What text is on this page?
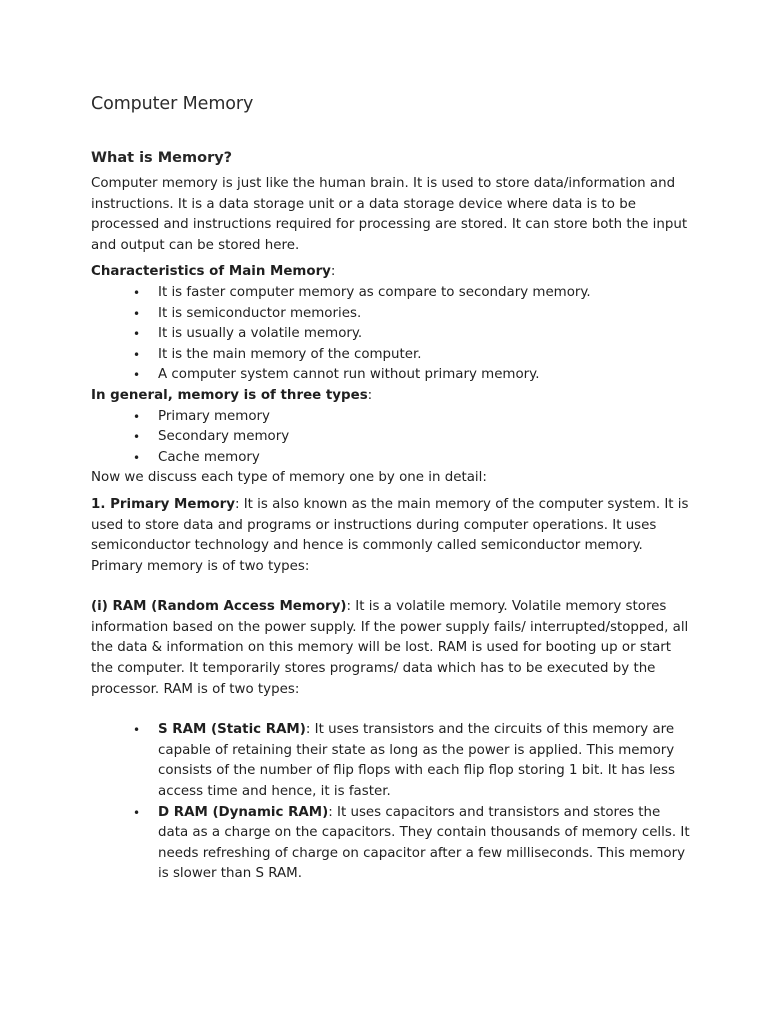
Computer Memory
What is Memory?

Computer memory is just like the human brain. It is used to store data/information and instructions. It is a data storage unit or a data storage device where data is to be processed and instructions required for processing are stored. It can store both the input and output can be stored here.

Characteristics of Main Memory:

• It is faster computer memory as compare to secondary memory.
• It is semiconductor memories.
• It is usually a volatile memory.
• It is the main memory of the computer.
• A computer system cannot run without primary memory.

In general, memory is of three types:

• Primary memory
• Secondary memory
• Cache memory

Now we discuss each type of memory one by one in detail:

1. Primary Memory: It is also known as the main memory of the computer system. It is used to store data and programs or instructions during computer operations. It uses semiconductor technology and hence is commonly called semiconductor memory. Primary memory is of two types:

(i) RAM (Random Access Memory): It is a volatile memory. Volatile memory stores information based on the power supply. If the power supply fails/ interrupted/stopped, all the data & information on this memory will be lost. RAM is used for booting up or start the computer. It temporarily stores programs/ data which has to be executed by the processor. RAM is of two types:

• S RAM (Static RAM): It uses transistors and the circuits of this memory are capable of retaining their state as long as the power is applied. This memory consists of the number of flip flops with each flip flop storing 1 bit. It has less access time and hence, it is faster.
• D RAM (Dynamic RAM): It uses capacitors and transistors and stores the data as a charge on the capacitors. They contain thousands of memory cells. It needs refreshing of charge on capacitor after a few milliseconds. This memory is slower than S RAM.
